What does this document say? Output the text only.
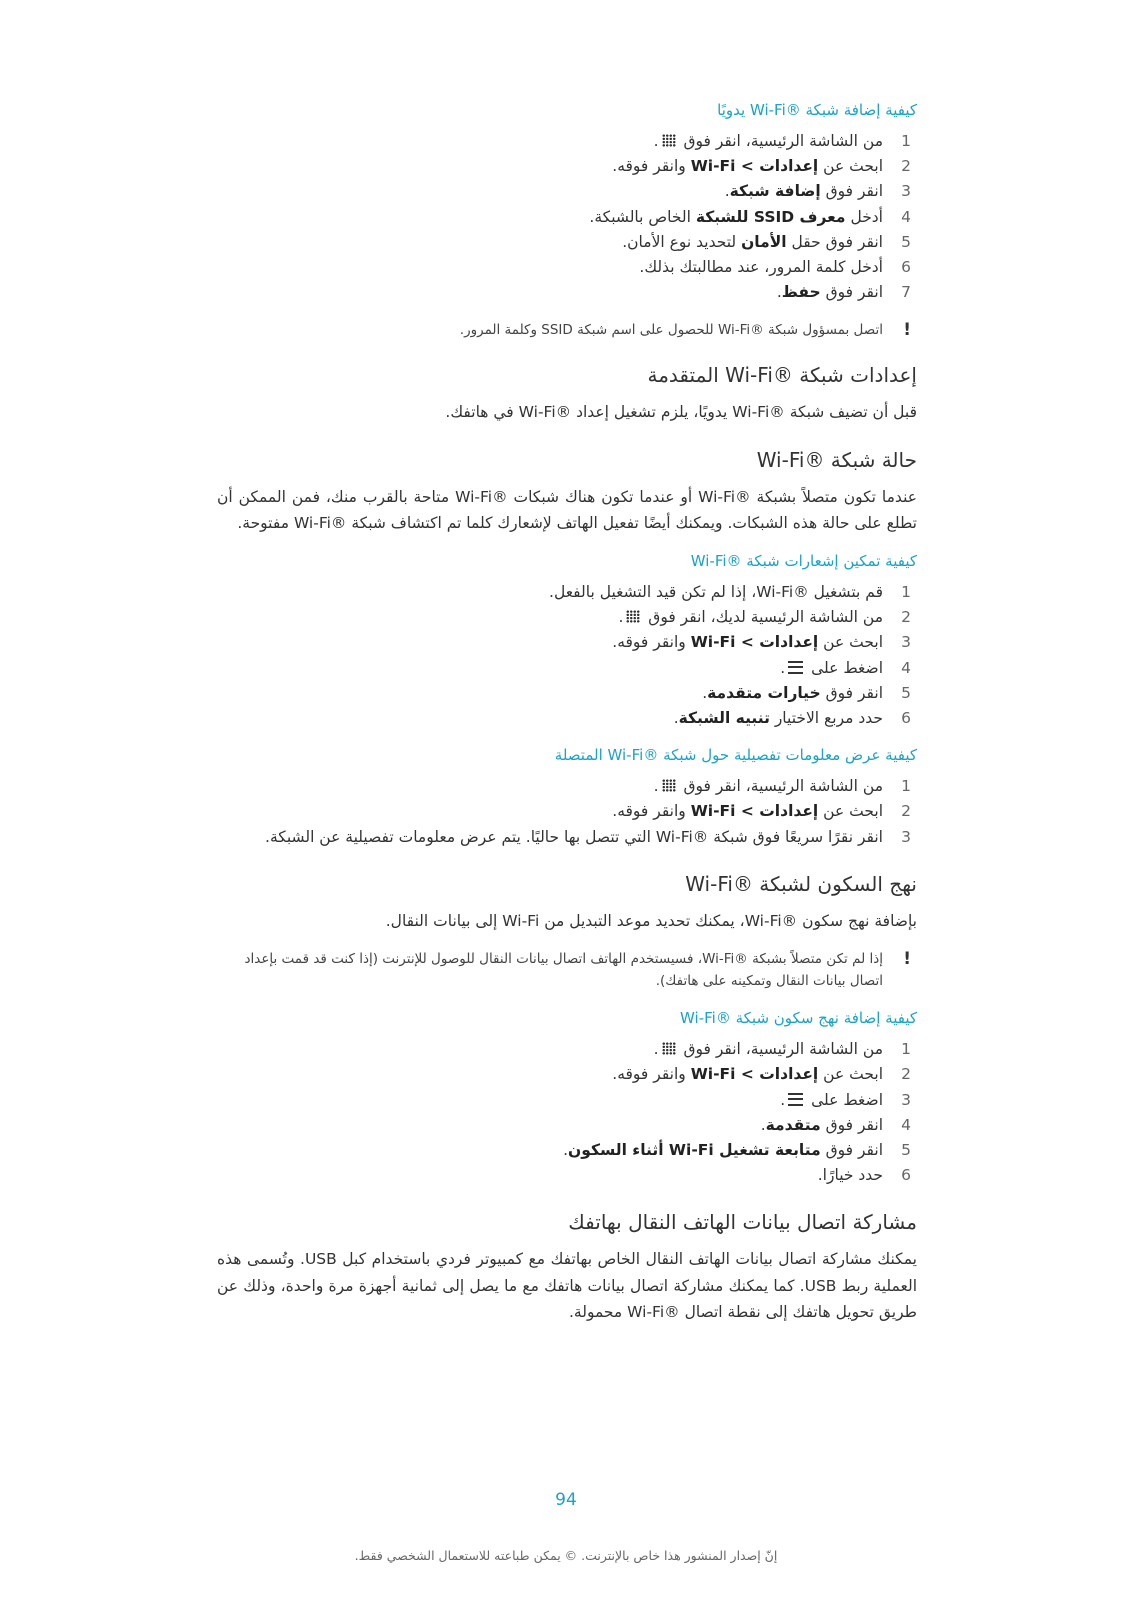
كيفية إضافة شبكة ®Wi-Fi يدويًا
1
من الشاشة الرئيسية، انقر فوق .
2
ابحث عن إعدادات > Wi-Fi وانقر فوقه.
3
انقر فوق إضافة شبكة.
4
أدخل معرف SSID للشبكة الخاص بالشبكة.
5
انقر فوق حقل الأمان لتحديد نوع الأمان.
6
أدخل كلمة المرور، عند مطالبتك بذلك.
7
انقر فوق حفظ.
!
اتصل بمسؤول شبكة ®Wi-Fi للحصول على اسم شبكة SSID وكلمة المرور.
إعدادات شبكة ®Wi-Fi المتقدمة

قبل أن تضيف شبكة ®Wi-Fi يدويًا، يلزم تشغيل إعداد ®Wi-Fi في هاتفك.

حالة شبكة ®Wi-Fi

عندما تكون متصلاً بشبكة ®Wi-Fi أو عندما تكون هناك شبكات ®Wi-Fi متاحة بالقرب منك، فمن الممكن أن تطلع على حالة هذه الشبكات. ويمكنك أيضًا تفعيل الهاتف لإشعارك كلما تم اكتشاف شبكة ®Wi-Fi مفتوحة.

كيفية تمكين إشعارات شبكة ®Wi-Fi
1
قم بتشغيل ®Wi-Fi، إذا لم تكن قيد التشغيل بالفعل.
2
من الشاشة الرئيسية لديك، انقر فوق .
3
ابحث عن إعدادات > Wi-Fi وانقر فوقه.
4
اضغط على .
5
انقر فوق خيارات متقدمة.
6
حدد مربع الاختيار تنبيه الشبكة.
كيفية عرض معلومات تفصيلية حول شبكة ®Wi-Fi المتصلة
1
من الشاشة الرئيسية، انقر فوق .
2
ابحث عن إعدادات > Wi-Fi وانقر فوقه.
3
انقر نقرًا سريعًا فوق شبكة ®Wi-Fi التي تتصل بها حاليًا. يتم عرض معلومات تفصيلية عن الشبكة.
نهج السكون لشبكة ®Wi-Fi

بإضافة نهج سكون ®Wi-Fi، يمكنك تحديد موعد التبديل من Wi-Fi إلى بيانات النقال.

!
إذا لم تكن متصلاً بشبكة ®Wi-Fi، فسيستخدم الهاتف اتصال بيانات النقال للوصول للإنترنت (إذا كنت قد قمت بإعداد اتصال بيانات النقال وتمكينه على هاتفك).
كيفية إضافة نهج سكون شبكة ®Wi-Fi
1
من الشاشة الرئيسية، انقر فوق .
2
ابحث عن إعدادات > Wi-Fi وانقر فوقه.
3
اضغط على .
4
انقر فوق متقدمة.
5
انقر فوق متابعة تشغيل Wi-Fi أثناء السكون.
6
حدد خيارًا.
مشاركة اتصال بيانات الهاتف النقال بهاتفك

يمكنك مشاركة اتصال بيانات الهاتف النقال الخاص بهاتفك مع كمبيوتر فردي باستخدام كبل USB. وتُسمى هذه العملية ربط USB. كما يمكنك مشاركة اتصال بيانات هاتفك مع ما يصل إلى ثمانية أجهزة مرة واحدة، وذلك عن طريق تحويل هاتفك إلى نقطة اتصال ®Wi-Fi محمولة.

94
إنّ إصدار المنشور هذا خاص بالإنترنت. © يمكن طباعته للاستعمال الشخصي فقط.
